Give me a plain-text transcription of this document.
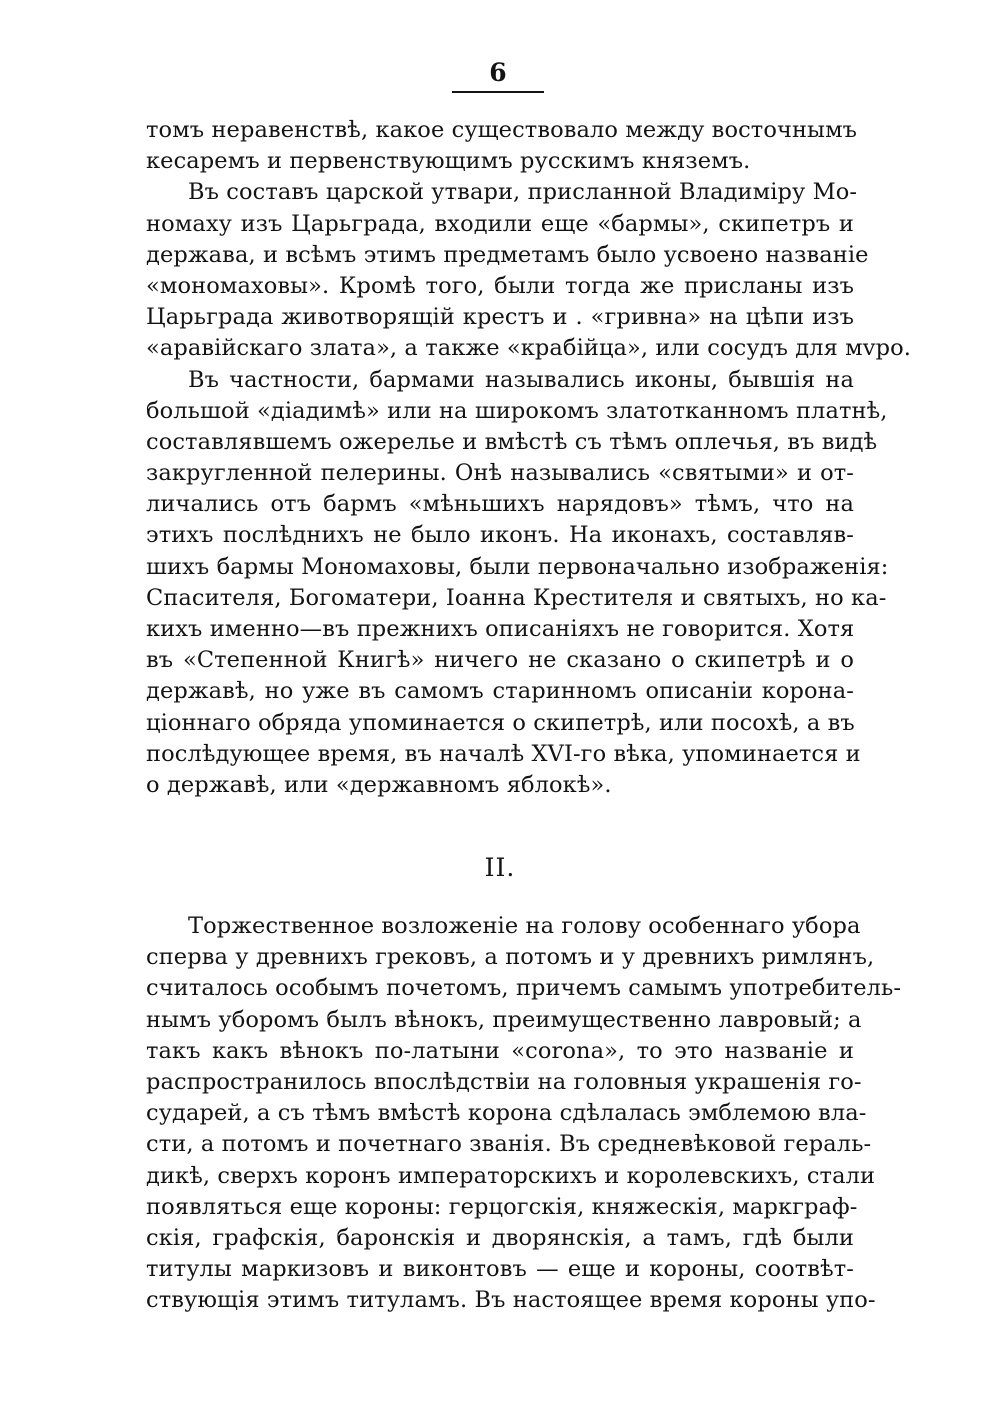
6
томъ неравенствѣ, какое существовало между восточнымъ
кесаремъ и первенствующимъ русскимъ княземъ.
Въ составъ царской утвари, присланной Владиміру Мо-
номаху изъ Царьграда, входили еще «бармы», скипетръ и
держава, и всѣмъ этимъ предметамъ было усвоено названіе
«мономаховы». Кромѣ того, были тогда же присланы изъ
Царьграда животворящій крестъ и . «гривна» на цѣпи изъ
«аравійскаго злата», а также «крабійца», или сосудъ для мvро.
Въ частности, бармами назывались иконы, бывшія на
большой «діадимѣ» или на широкомъ златотканномъ платнѣ,
составлявшемъ ожерелье и вмѣстѣ съ тѣмъ оплечья, въ видѣ
закругленной пелерины. Онѣ назывались «святыми» и от-
личались отъ бармъ «мѣньшихъ нарядовъ» тѣмъ, что на
этихъ послѣднихъ не было иконъ. На иконахъ, составляв-
шихъ бармы Мономаховы, были первоначально изображенія:
Спасителя, Богоматери, Іоанна Крестителя и святыхъ, но ка-
кихъ именно—въ прежнихъ описаніяхъ не говорится. Хотя
въ «Степенной Книгѣ» ничего не сказано о скипетрѣ и о
державѣ, но уже въ самомъ старинномъ описаніи корона-
ціоннаго обряда упоминается о скипетрѣ, или посохѣ, а въ
послѣдующее время, въ началѣ XVI-го вѣка, упоминается и
о державѣ, или «державномъ яблокѣ».
II.
Торжественное возложеніе на голову особеннаго убора
сперва у древнихъ грековъ, а потомъ и у древнихъ римлянъ,
считалось особымъ почетомъ, причемъ самымъ употребитель-
нымъ уборомъ былъ вѣнокъ, преимущественно лавровый; а
такъ какъ вѣнокъ по-латыни «corona», то это названіе и
распространилось впослѣдствіи на головныя украшенія го-
сударей, а съ тѣмъ вмѣстѣ корона сдѣлалась эмблемою вла-
сти, а потомъ и почетнаго званія. Въ средневѣковой гераль-
дикѣ, сверхъ коронъ императорскихъ и королевскихъ, стали
появляться еще короны: герцогскія, княжескія, маркграф-
скія, графскія, баронскія и дворянскія, а тамъ, гдѣ были
титулы маркизовъ и виконтовъ — еще и короны, соотвѣт-
ствующія этимъ титуламъ. Въ настоящее время короны упо-
